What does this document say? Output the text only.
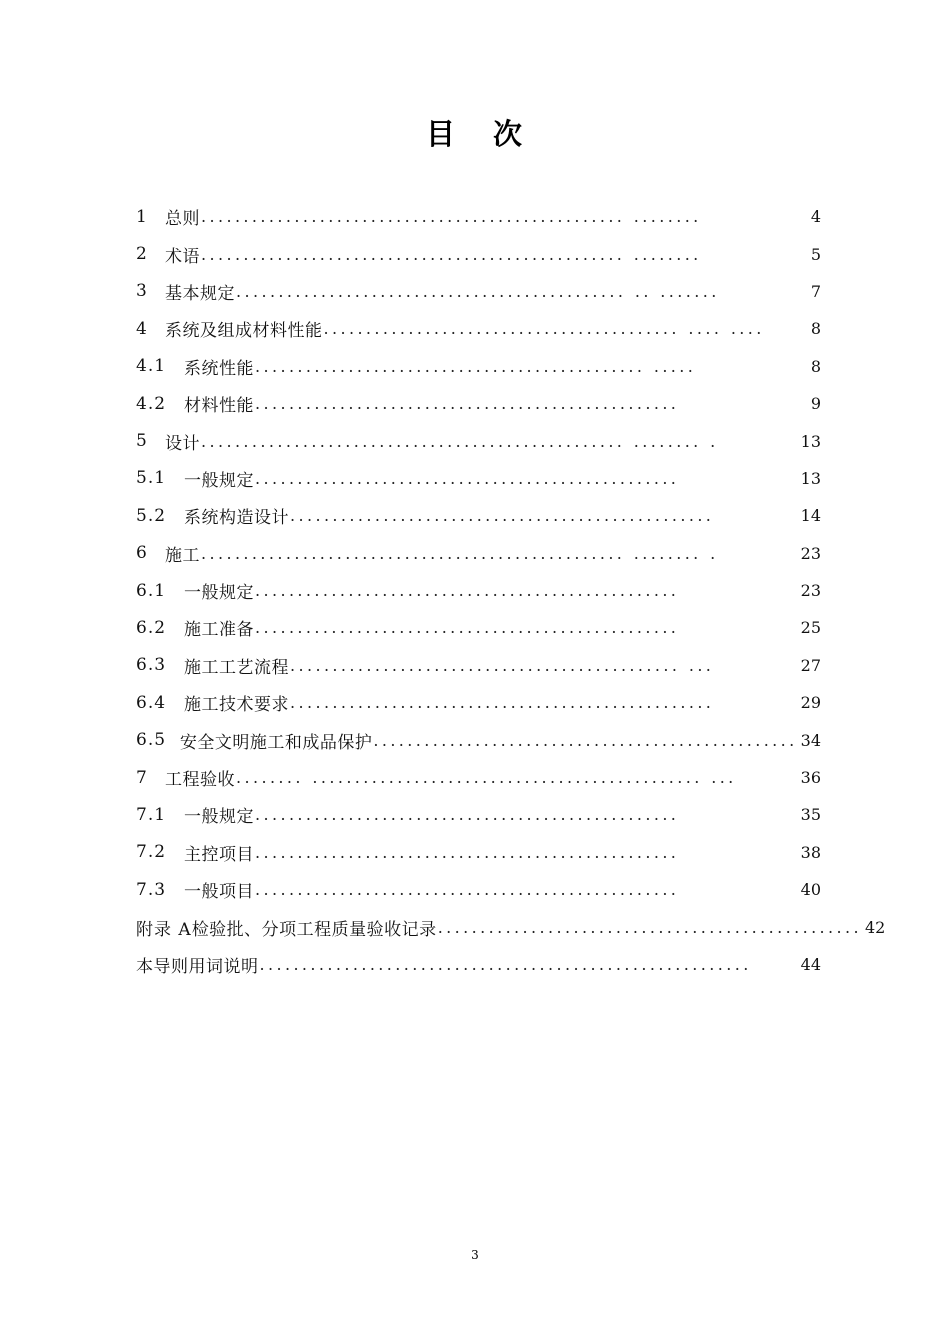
目 次
1	总则 .................................................. ........	4
2	术语 .................................................. ........	5
3	基本规定 .............................................. .. .......	7
4	系统及组成材料性能 .......................................... .... ....	8
4.1	系统性能 .............................................. .....	8
4.2	材料性能 ..................................................	9
5	设计 .................................................. ........ .	13
5.1	一般规定 ..................................................	13
5.2	系统构造设计 ..................................................	14
6	施工 .................................................. ........ .	23
6.1	一般规定 ..................................................	23
6.2	施工准备 ..................................................	25
6.3	施工工艺流程 .............................................. ...	27
6.4	施工技术要求 ..................................................	29
6.5 安全文明施工和成品保护 .................................................. 34
7	工程验收 ........ .............................................. ...	36
7.1	一般规定 ..................................................	35
7.2	主控项目 ..................................................	38
7.3	一般项目 ..................................................	40
附录 A 检验批、分项工程质量验收记录 .................................................. 42
本导则用词说明 ..........................................................	44
3
